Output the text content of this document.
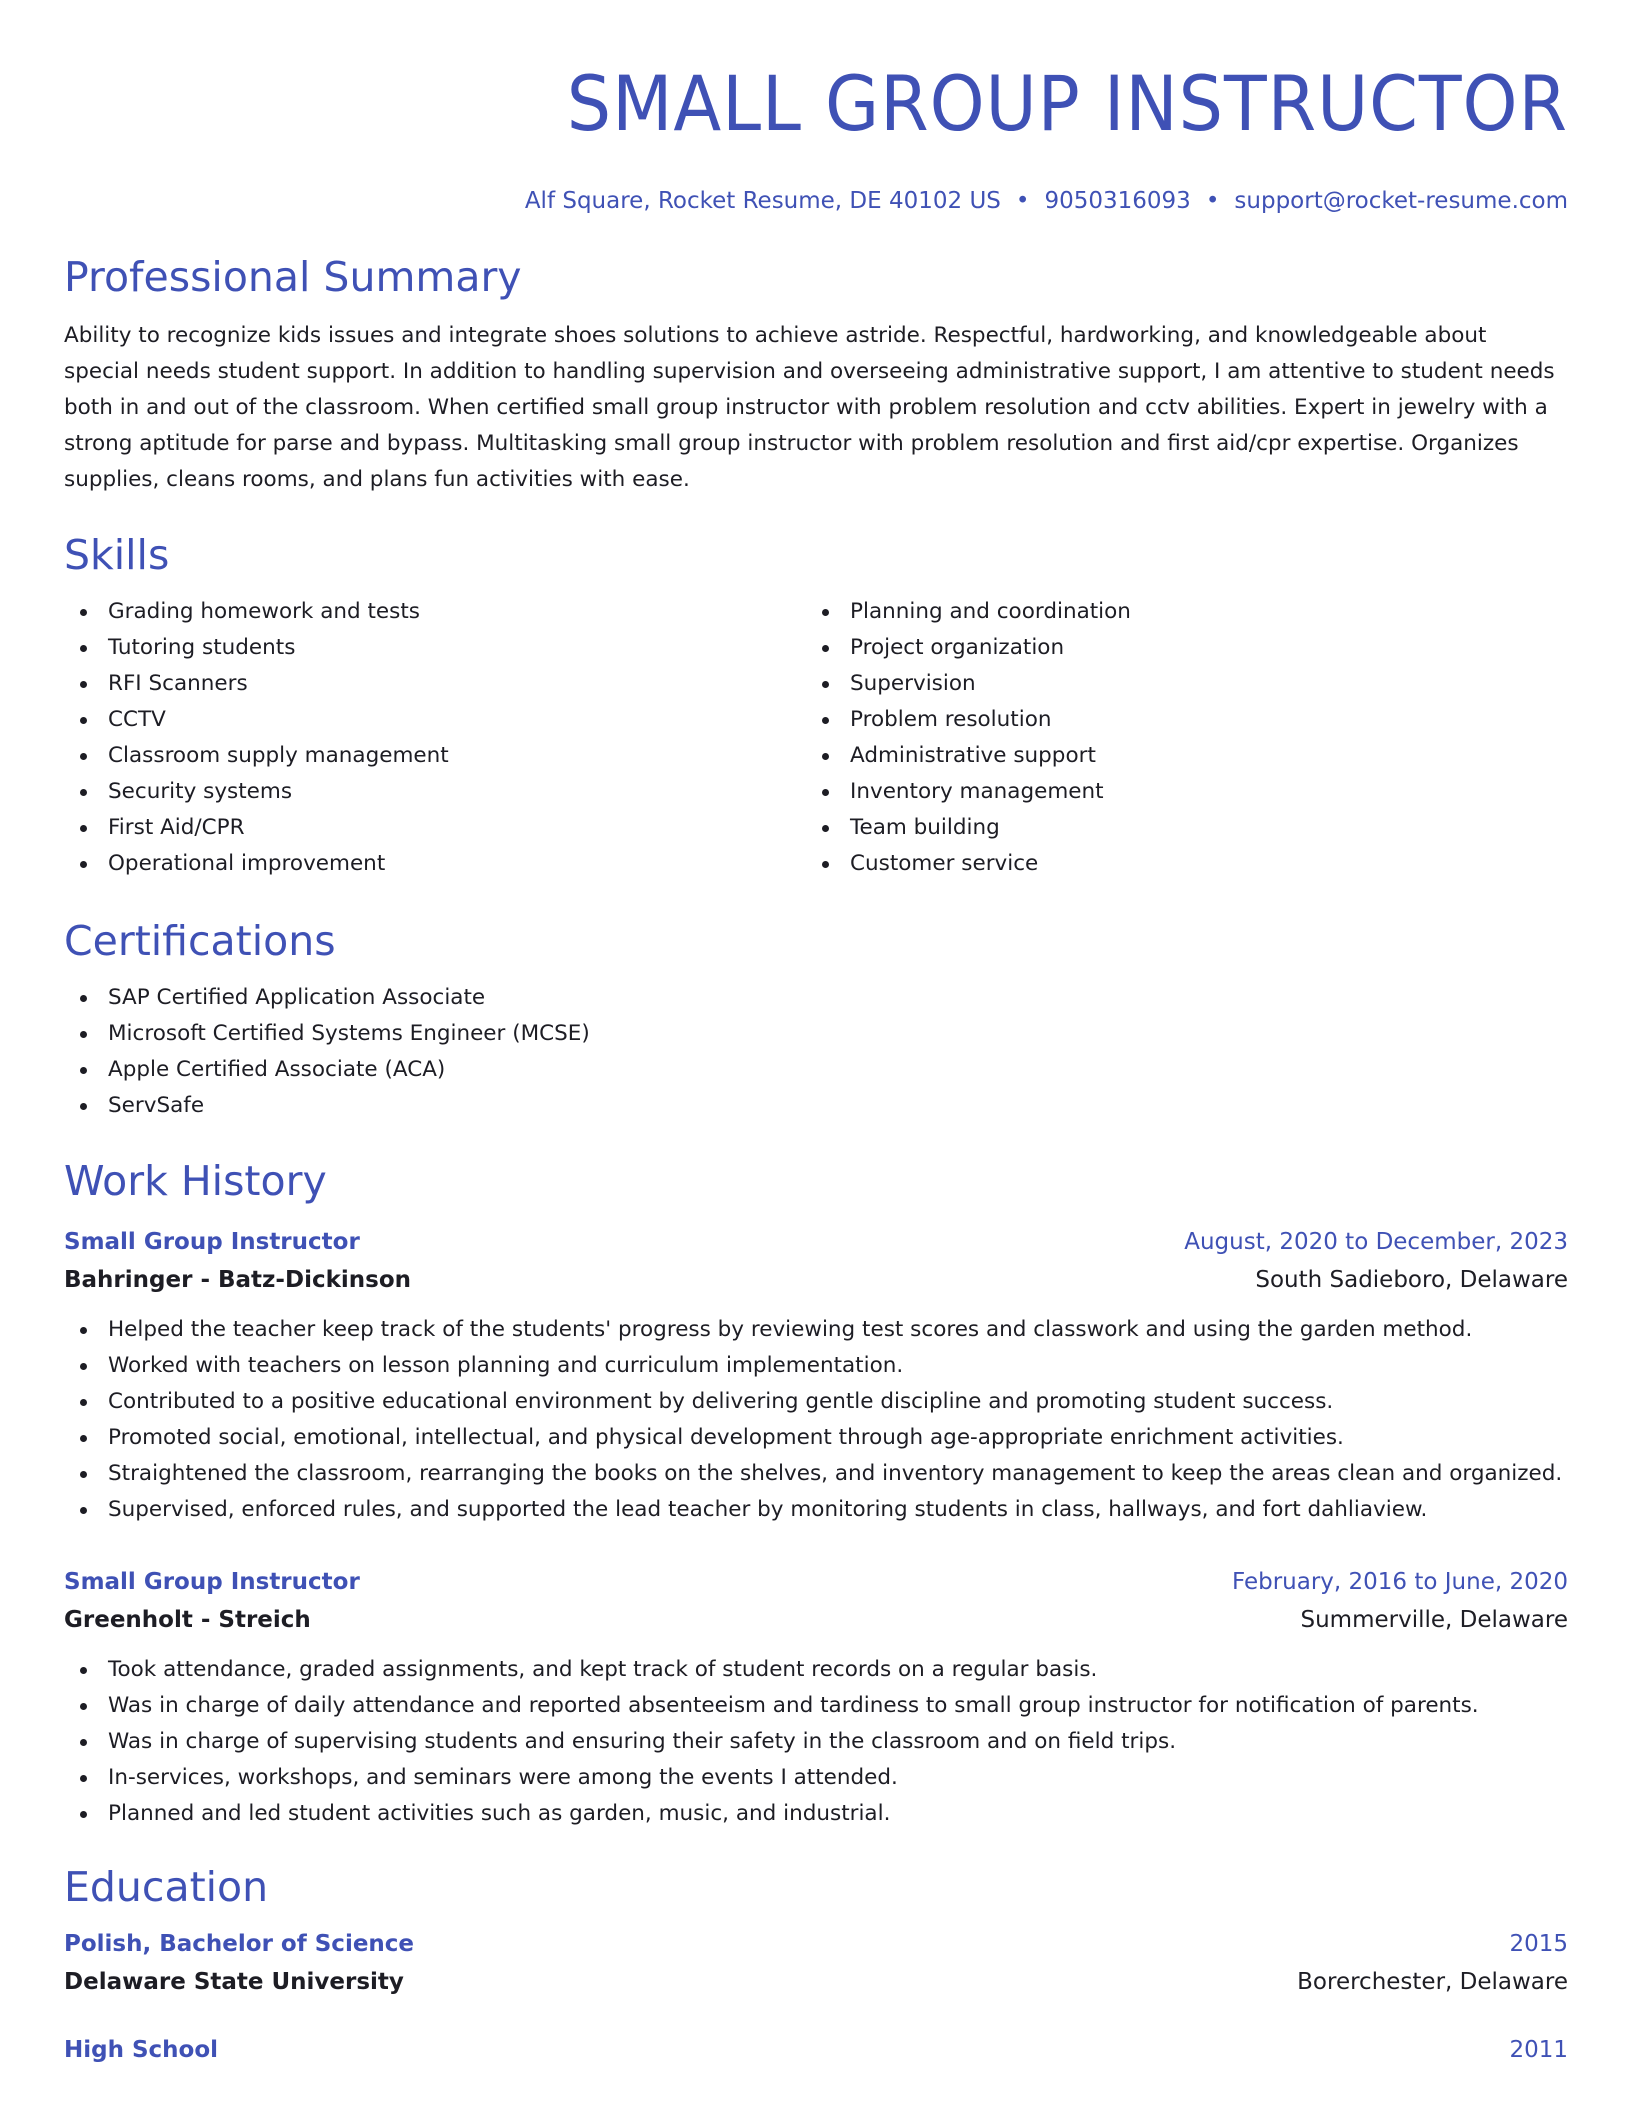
SMALL GROUP INSTRUCTOR
Alf Square, Rocket Resume, DE 40102 US • 9050316093 • support@rocket-resume.com
Professional Summary

Ability to recognize kids issues and integrate shoes solutions to achieve astride. Respectful, hardworking, and knowledgeable about special needs student support. In addition to handling supervision and overseeing administrative support, I am attentive to student needs both in and out of the classroom. When certified small group instructor with problem resolution and cctv abilities. Expert in jewelry with a strong aptitude for parse and bypass. Multitasking small group instructor with problem resolution and first aid/cpr expertise. Organizes supplies, cleans rooms, and plans fun activities with ease.

Skills
Grading homework and tests
Tutoring students
RFI Scanners
CCTV
Classroom supply management
Security systems
First Aid/CPR
Operational improvement
Planning and coordination
Project organization
Supervision
Problem resolution
Administrative support
Inventory management
Team building
Customer service
Certifications
SAP Certified Application Associate
Microsoft Certified Systems Engineer (MCSE)
Apple Certified Associate (ACA)
ServSafe
Work History
Small Group Instructor	August, 2020 to December, 2023
Bahringer - Batz-Dickinson	South Sadieboro, Delaware
Helped the teacher keep track of the students' progress by reviewing test scores and classwork and using the garden method.
Worked with teachers on lesson planning and curriculum implementation.
Contributed to a positive educational environment by delivering gentle discipline and promoting student success.
Promoted social, emotional, intellectual, and physical development through age-appropriate enrichment activities.
Straightened the classroom, rearranging the books on the shelves, and inventory management to keep the areas clean and organized.
Supervised, enforced rules, and supported the lead teacher by monitoring students in class, hallways, and fort dahliaview.
Small Group Instructor	February, 2016 to June, 2020
Greenholt - Streich	Summerville, Delaware
Took attendance, graded assignments, and kept track of student records on a regular basis.
Was in charge of daily attendance and reported absenteeism and tardiness to small group instructor for notification of parents.
Was in charge of supervising students and ensuring their safety in the classroom and on field trips.
In-services, workshops, and seminars were among the events I attended.
Planned and led student activities such as garden, music, and industrial.
Education
Polish, Bachelor of Science	2015
Delaware State University	Borerchester, Delaware
High School	2011
